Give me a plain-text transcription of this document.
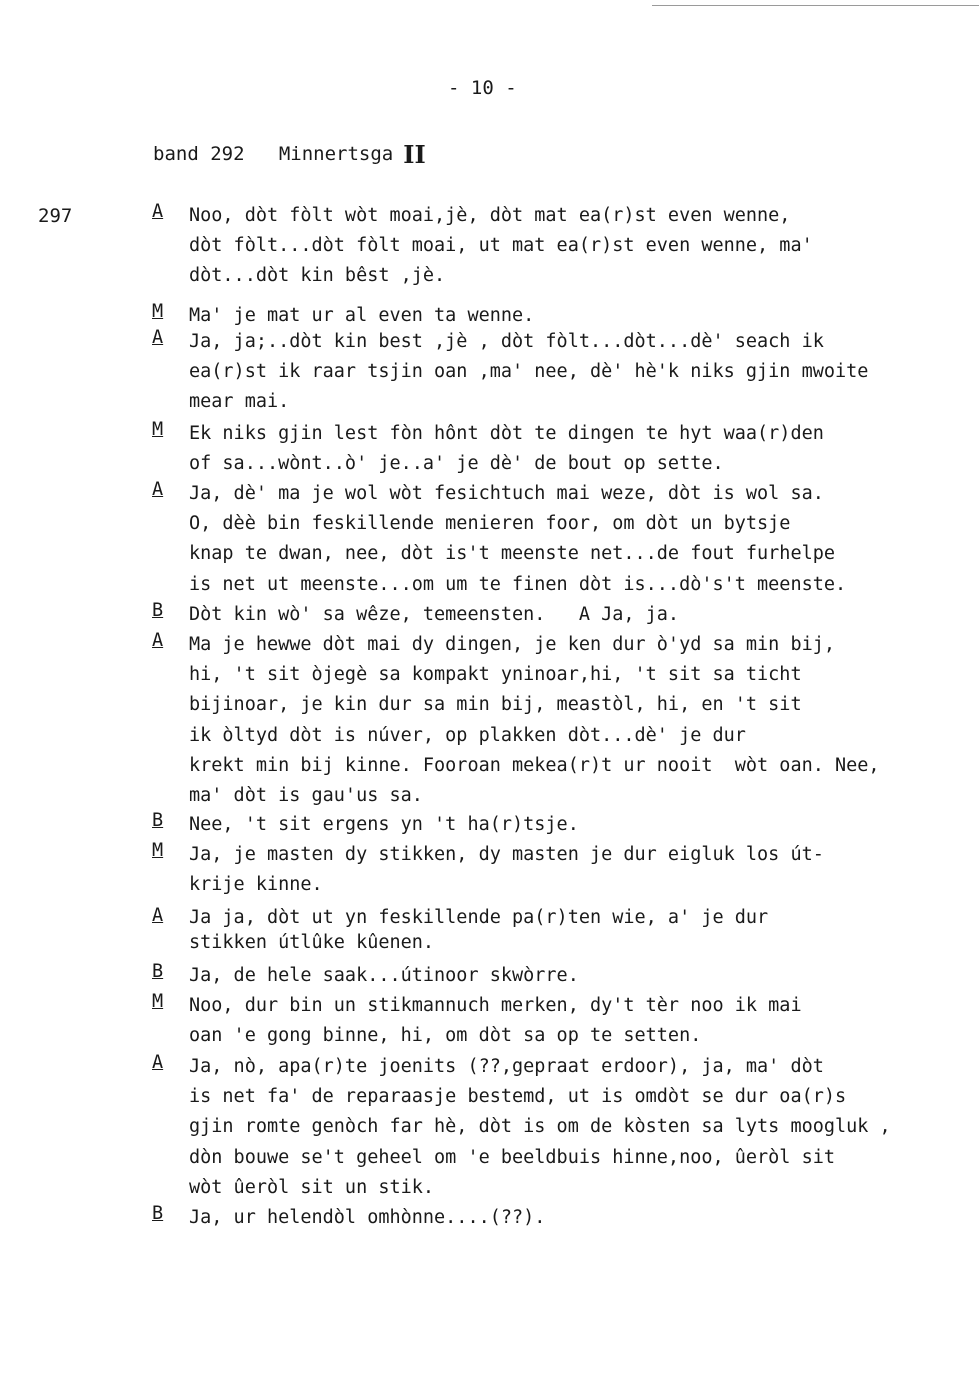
- 10 -
band 292 Minnertsga II
297	A Noo, dòt fòlt wòt moai,jè, dòt mat ea(r)st even wenne,
dòt fòlt...dòt fòlt moai, ut mat ea(r)st even wenne, ma'
dòt...dòt kin bêst ,jè.
M Ma' je mat ur al even ta wenne.
A Ja, ja;..dòt kin best ,jè , dòt fòlt...dòt...dè' seach ik
ea(r)st ik raar tsjin oan ,ma' nee, dè' hè'k niks gjin mwoite
mear mai.
M Ek niks gjin lest fòn hônt dòt te dingen te hyt waa(r)den
of sa...wònt..ò' je..a' je dè' de bout op sette.
A Ja, dè' ma je wol wòt fesichtuch mai weze, dòt is wol sa.
O, dèè bin feskillende menieren foor, om dòt un bytsje
knap te dwan, nee, dòt is't meenste net...de fout furhelpe
is net ut meenste...om um te finen dòt is...dò's't meenste.
B Dòt kin wò' sa wêze, temeensten.   A Ja, ja.
A Ma je hewwe dòt mai dy dingen, je ken dur ò'yd sa min bij,
hi, 't sit òjegè sa kompakt yninoar,hi, 't sit sa ticht
bijinoar, je kin dur sa min bij, meastòl, hi, en 't sit
ik òltyd dòt is núver, op plakken dòt...dè' je dur
krekt min bij kinne. Fooroan mekea(r)t ur nooit  wòt oan. Nee,
ma' dòt is gau'us sa.
B Nee, 't sit ergens yn 't ha(r)tsje.
M Ja, je masten dy stikken, dy masten je dur eigluk los út-
krije kinne.
A Ja ja, dòt ut yn feskillende pa(r)ten wie, a' je dur
stikken útlûke kûenen.
B Ja, de hele saak...útinoor skwòrre.
M Noo, dur bin un stikmannuch merken, dy't tèr noo ik mai
oan 'e gong binne, hi, om dòt sa op te setten.
A Ja, nò, apa(r)te joenits (??,gepraat erdoor), ja, ma' dòt
is net fa' de reparaasje bestemd, ut is omdòt se dur oa(r)s
gjin romte genòch far hè, dòt is om de kòsten sa lyts moogluk ,
dòn bouwe se't geheel om 'e beeldbuis hinne,noo, ûeròl sit
wòt ûeròl sit un stik.
B Ja, ur helendòl omhònne....(??).
